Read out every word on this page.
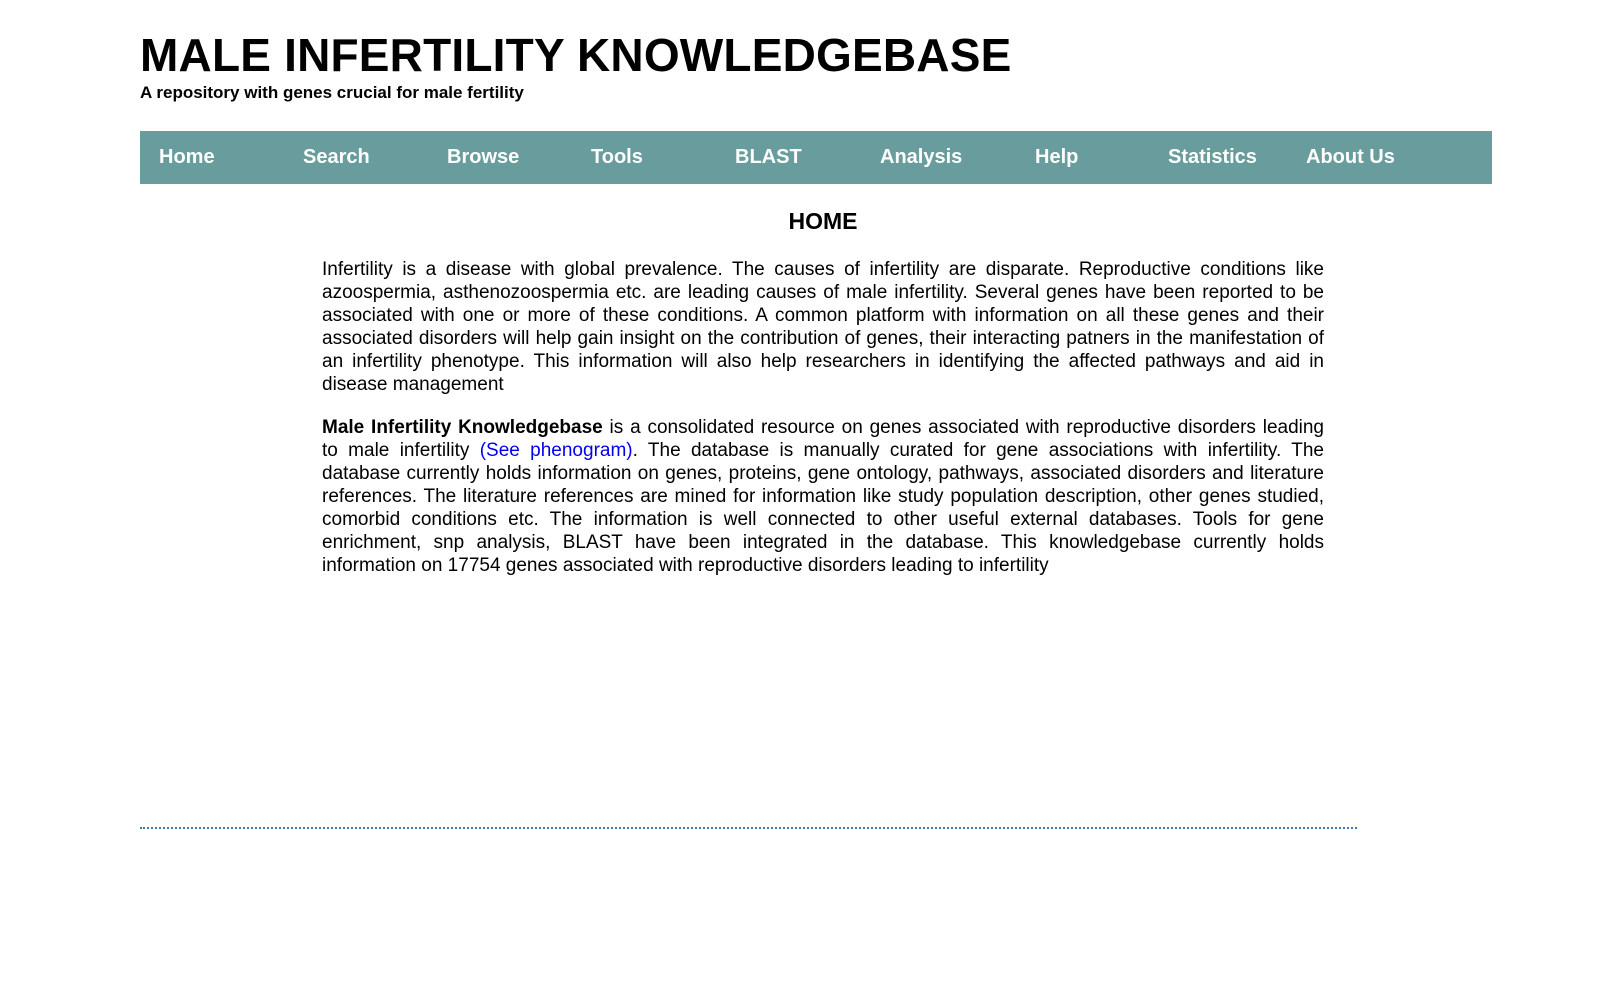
MALE INFERTILITY KNOWLEDGEBASE

A repository with genes crucial for male fertility

Home	Search	Browse	Tools	BLAST	Analysis	Help	Statistics About Us
HOME

Infertility is a disease with global prevalence. The causes of infertility are disparate. Reproductive conditions like azoospermia, asthenozoospermia etc. are leading causes of male infertility. Several genes have been reported to be associated with one or more of these conditions. A common platform with information on all these genes and their associated disorders will help gain insight on the contribution of genes, their interacting patners in the manifestation of an infertility phenotype. This information will also help researchers in identifying the affected pathways and aid in disease management

Male Infertility Knowledgebase is a consolidated resource on genes associated with reproductive disorders leading to male infertility (See phenogram). The database is manually curated for gene associations with infertility. The database currently holds information on genes, proteins, gene ontology, pathways, associated disorders and literature references. The literature references are mined for information like study population description, other genes studied, comorbid conditions etc. The information is well connected to other useful external databases. Tools for gene enrichment, snp analysis, BLAST have been integrated in the database. This knowledgebase currently holds information on 17754 genes associated with reproductive disorders leading to infertility
